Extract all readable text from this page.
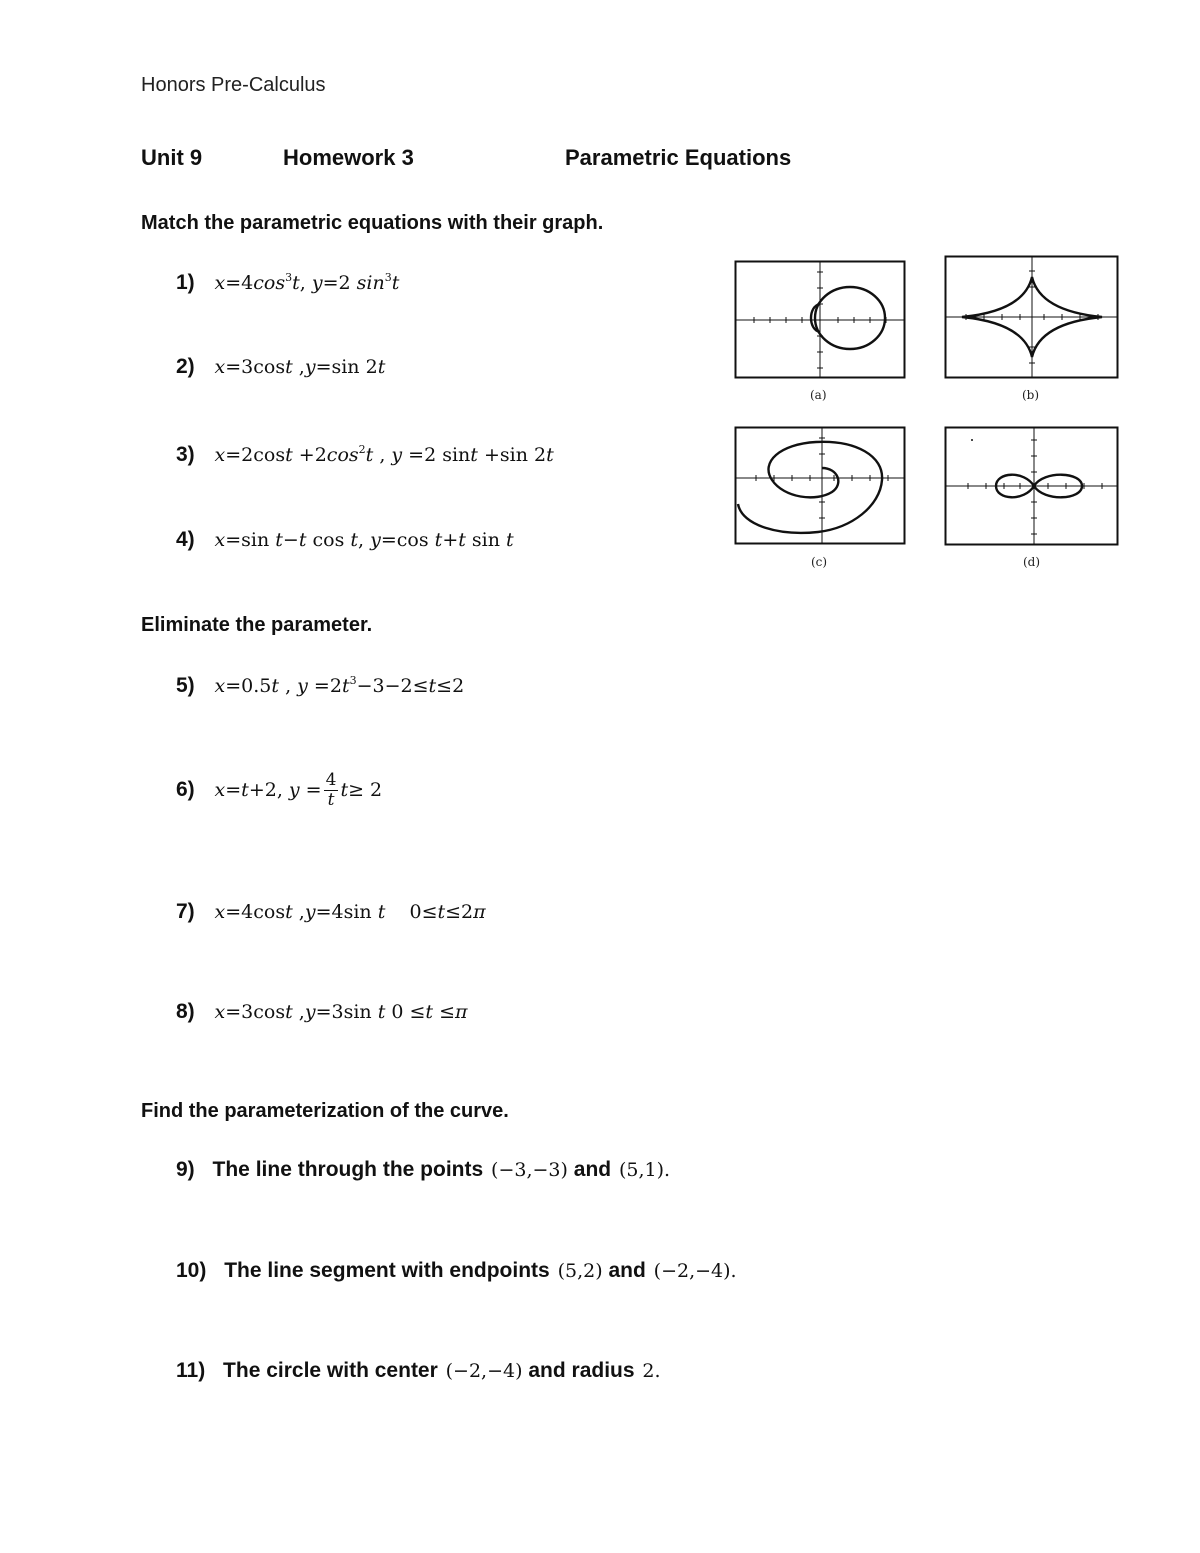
Honors Pre-Calculus
Unit 9	Homework 3	Parametric Equations
Match the parametric equations with their graph.
1) $x=4\cos^3t$, y=2 $\sin^3t$
2) x=3cost ,y=sin 2t
3) $x=2\cos t +2\cos^2t$ , y =2 sint +sin 2t
4) x=sin t−t cos t, y=cos t+t sin t
(a)	(b)
(c)	(d)
Eliminate the parameter.
5) x=0.5t , $y =2t^3-3-2\le t\le 2$
6) x=t+2, $y = \frac{4}{t} t\ge 2$
7) x=4cost ,y=4sin t    0≤t≤2π
8) x=3cost ,y=3sin t 0 ≤t ≤π
Find the parameterization of the curve.
9) The line through the points (−3,−3) and (5,1).
10) The line segment with endpoints (5,2) and (−2,−4).
11) The circle with center (−2,−4) and radius 2.
